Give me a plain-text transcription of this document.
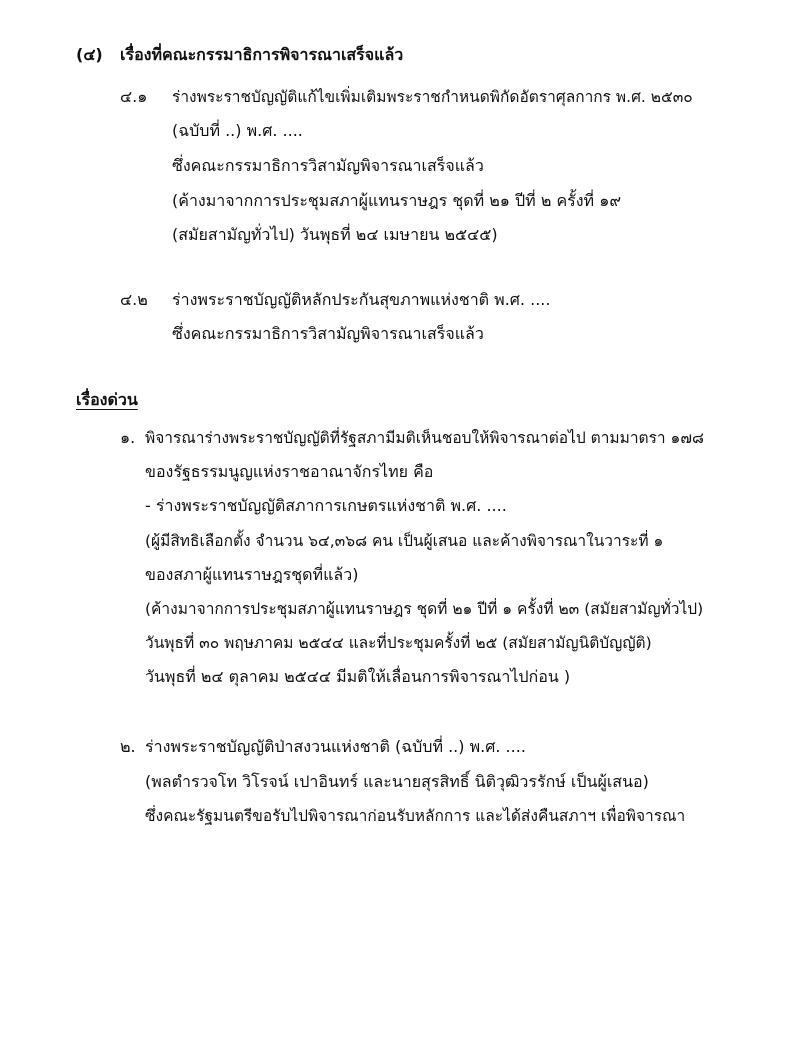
(๔) เรื่องที่คณะกรรมาธิการพิจารณาเสร็จแล้ว
๔.๑ ร่างพระราชบัญญัติแก้ไขเพิ่มเติมพระราชกำหนดพิกัดอัตราศุลกากร พ.ศ. ๒๕๓๐
(ฉบับที่ ..) พ.ศ. ....
ซึ่งคณะกรรมาธิการวิสามัญพิจารณาเสร็จแล้ว
(ค้างมาจากการประชุมสภาผู้แทนราษฎร ชุดที่ ๒๑ ปีที่ ๒ ครั้งที่ ๑๙
(สมัยสามัญทั่วไป) วันพุธที่ ๒๔ เมษายน ๒๕๔๕)
๔.๒ ร่างพระราชบัญญัติหลักประกันสุขภาพแห่งชาติ พ.ศ. ....
ซึ่งคณะกรรมาธิการวิสามัญพิจารณาเสร็จแล้ว
เรื่องด่วน
๑. พิจารณาร่างพระราชบัญญัติที่รัฐสภามีมติเห็นชอบให้พิจารณาต่อไป ตามมาตรา ๑๗๘
ของรัฐธรรมนูญแห่งราชอาณาจักรไทย คือ
- ร่างพระราชบัญญัติสภาการเกษตรแห่งชาติ พ.ศ. ....
(ผู้มีสิทธิเลือกตั้ง จำนวน ๖๔,๓๖๘ คน เป็นผู้เสนอ และค้างพิจารณาในวาระที่ ๑
ของสภาผู้แทนราษฎรชุดที่แล้ว)
(ค้างมาจากการประชุมสภาผู้แทนราษฎร ชุดที่ ๒๑ ปีที่ ๑ ครั้งที่ ๒๓ (สมัยสามัญทั่วไป)
วันพุธที่ ๓๐ พฤษภาคม ๒๕๔๔ และที่ประชุมครั้งที่ ๒๕ (สมัยสามัญนิติบัญญัติ)
วันพุธที่ ๒๔ ตุลาคม ๒๕๔๔ มีมติให้เลื่อนการพิจารณาไปก่อน )
๒. ร่างพระราชบัญญัติป่าสงวนแห่งชาติ (ฉบับที่ ..) พ.ศ. ....
(พลตำรวจโท วิโรจน์ เปาอินทร์ และนายสุรสิทธิ์ นิติวุฒิวรรักษ์ เป็นผู้เสนอ)
ซึ่งคณะรัฐมนตรีขอรับไปพิจารณาก่อนรับหลักการ และได้ส่งคืนสภาฯ เพื่อพิจารณา
